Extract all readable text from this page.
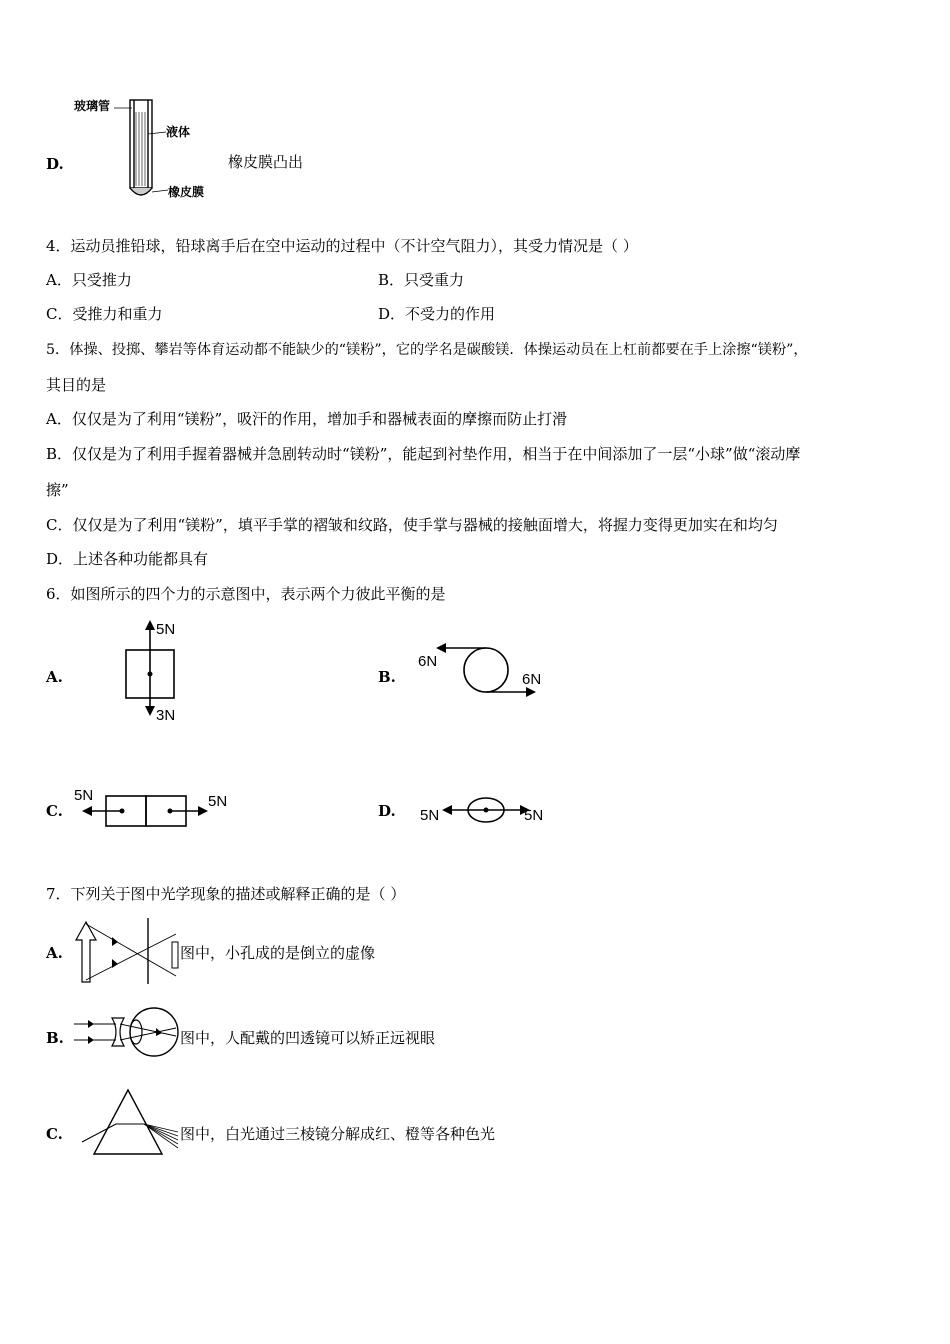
D.
玻璃管
液体
橡皮膜
橡皮膜凸出
4．运动员推铅球，铅球离手后在空中运动的过程中（不计空气阻力），其受力情况是（ ）
A．只受推力	B．只受重力
C．受推力和重力	D．不受力的作用
5．体操、投掷、攀岩等体育运动都不能缺少的“镁粉”，它的学名是碳酸镁．体操运动员在上杠前都要在手上涂擦“镁粉”，
其目的是
A．仅仅是为了利用“镁粉”，吸汗的作用，增加手和器械表面的摩擦而防止打滑
B．仅仅是为了利用手握着器械并急剧转动时“镁粉”，能起到衬垫作用，相当于在中间添加了一层“小球”做“滚动摩
擦”
C．仅仅是为了利用“镁粉”，填平手掌的褶皱和纹路，使手掌与器械的接触面增大，将握力变得更加实在和均匀
D．上述各种功能都具有
6．如图所示的四个力的示意图中，表示两个力彼此平衡的是
A.
5N
3N
B.
6N
6N
C.
5N	5N
D. 5N	5N
7．下列关于图中光学现象的描述或解释正确的是（ ）
A.	图中，小孔成的是倒立的虚像
B.	图中，人配戴的凹透镜可以矫正远视眼
C.	图中，白光通过三棱镜分解成红、橙等各种色光
